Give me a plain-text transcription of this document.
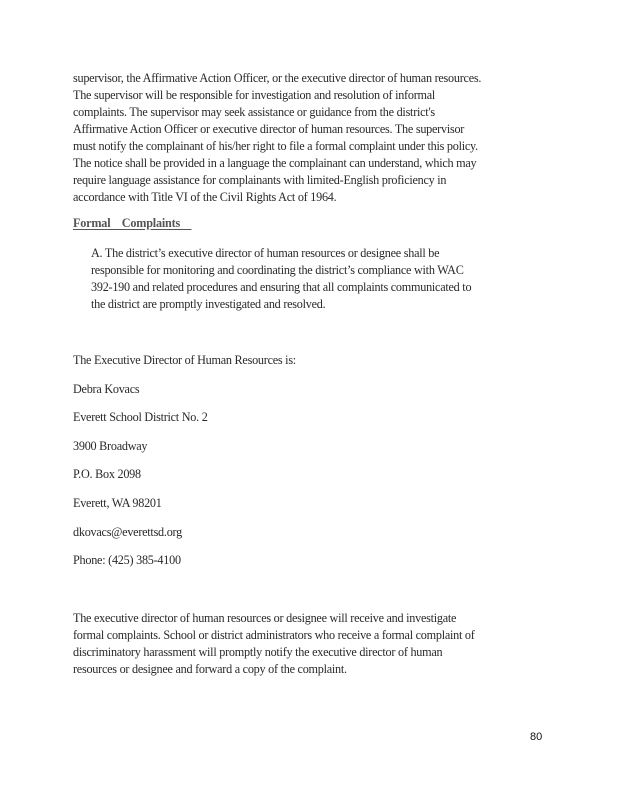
supervisor, the Affirmative Action Officer, or the executive director of human resources.
The supervisor will be responsible for investigation and resolution of informal
complaints. The supervisor may seek assistance or guidance from the district's
Affirmative Action Officer or executive director of human resources. The supervisor
must notify the complainant of his/her right to file a formal complaint under this policy.
The notice shall be provided in a language the complainant can understand, which may
require language assistance for complainants with limited-English proficiency in
accordance with Title VI of the Civil Rights Act of 1964.

Formal    Complaints

A. The district’s executive director of human resources or designee shall be
responsible for monitoring and coordinating the district’s compliance with WAC
392-190 and related procedures and ensuring that all complaints communicated to
the district are promptly investigated and resolved.

The Executive Director of Human Resources is:
Debra Kovacs
Everett School District No. 2
3900 Broadway
P.O. Box 2098
Everett, WA 98201
dkovacs@everettsd.org
Phone: (425) 385-4100

The executive director of human resources or designee will receive and investigate
formal complaints. School or district administrators who receive a formal complaint of
discriminatory harassment will promptly notify the executive director of human
resources or designee and forward a copy of the complaint.

80
